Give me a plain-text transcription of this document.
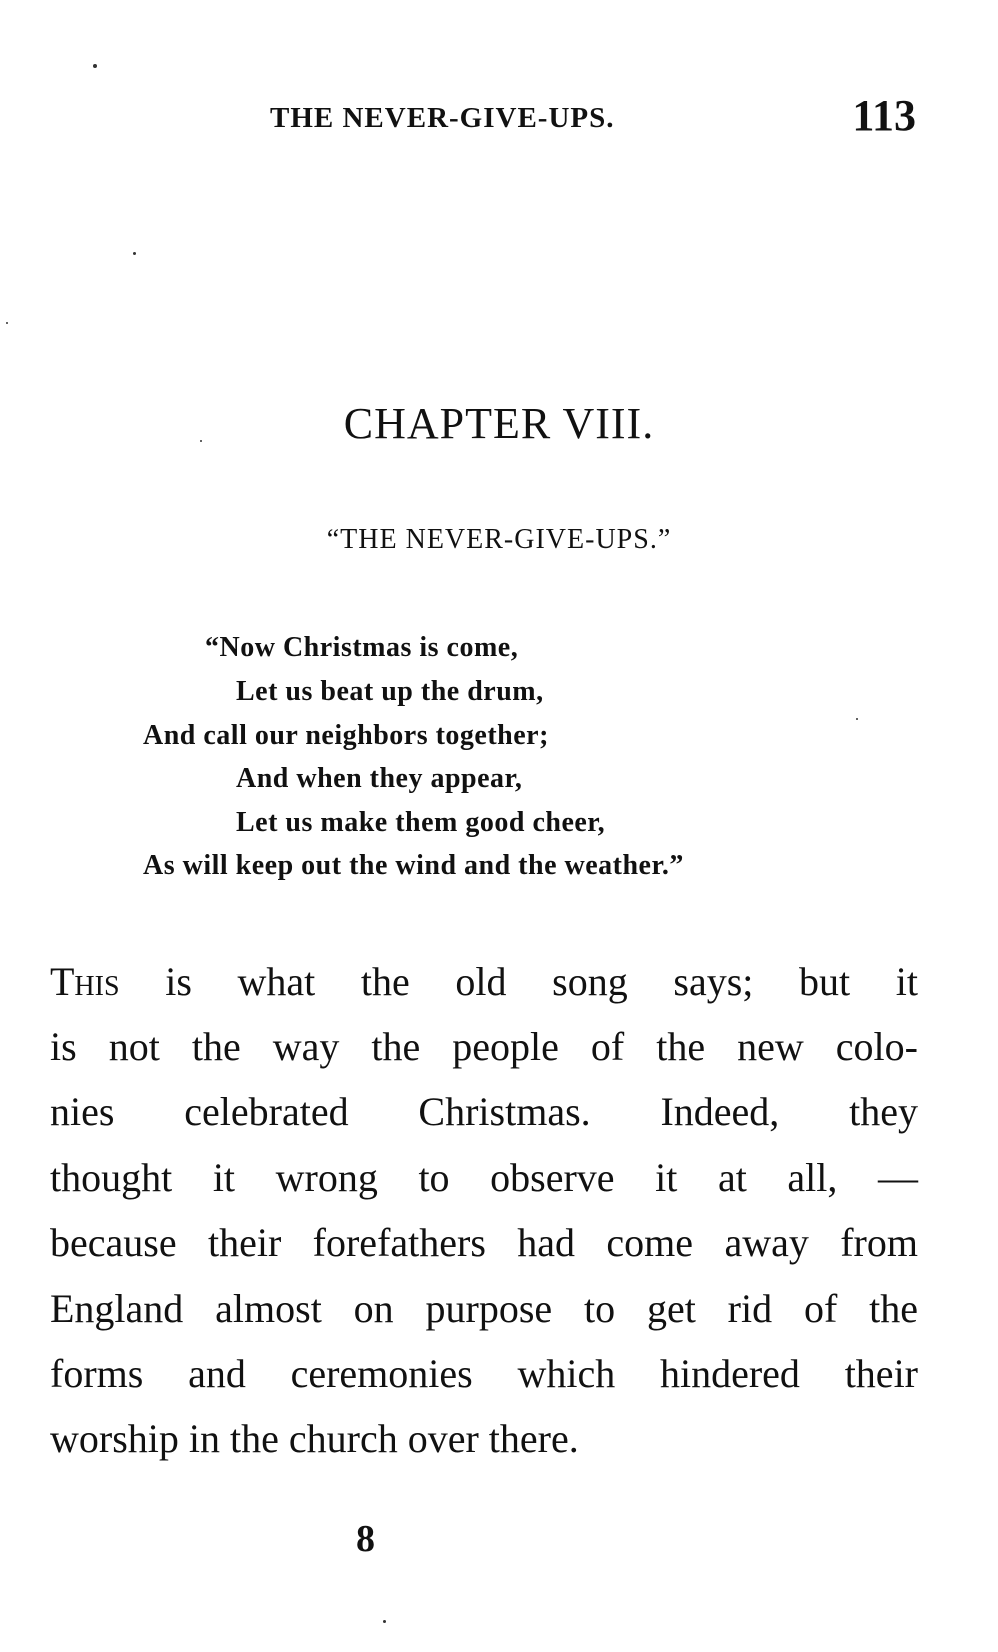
THE NEVER-GIVE-UPS.	113
CHAPTER VIII.
“THE NEVER-GIVE-UPS.”
“Now Christmas is come,
Let us beat up the drum,
And call our neighbors together;
And when they appear,
Let us make them good cheer,
As will keep out the wind and the weather.”
This is what the old song says; but it
is not the way the people of the new colo-
nies celebrated Christmas. Indeed, they
thought it wrong to observe it at all, —
because their forefathers had come away from
England almost on purpose to get rid of the
forms and ceremonies which hindered their
worship in the church over there.
8
